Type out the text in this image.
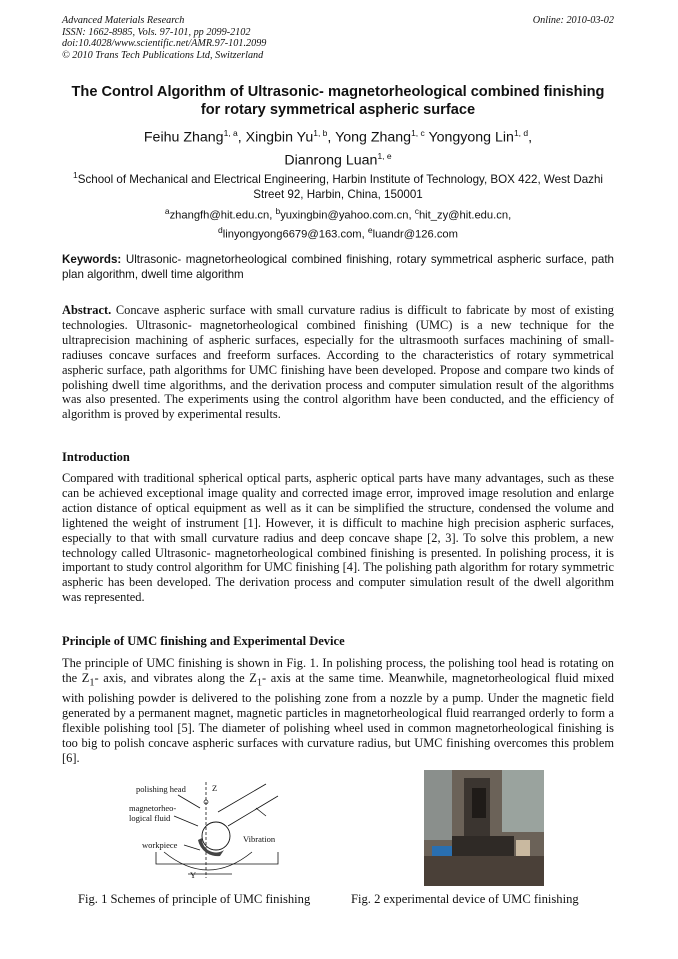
Advanced Materials Research
ISSN: 1662-8985, Vols. 97-101, pp 2099-2102
doi:10.4028/www.scientific.net/AMR.97-101.2099
© 2010 Trans Tech Publications Ltd, Switzerland
Online: 2010-03-02
The Control Algorithm of Ultrasonic- magnetorheological combined finishing for rotary symmetrical aspheric surface
Feihu Zhang$^{1, a}$, Xingbin Yu$^{1, b}$, Yong Zhang$^{1, c}$ Yongyong Lin$^{1, d}$,
Dianrong Luan$^{1, e}$
$^1$School of Mechanical and Electrical Engineering, Harbin Institute of Technology, BOX 422, West Dazhi Street 92, Harbin, China, 150001
$^a$zhangfh@hit.edu.cn, $^b$yuxingbin@yahoo.com.cn, $^c$hit_zy@hit.edu.cn,
$^d$linyongyong6679@163.com, $^e$luandr@126.com
Keywords: Ultrasonic- magnetorheological combined finishing, rotary symmetrical aspheric surface, path plan algorithm, dwell time algorithm
Abstract. Concave aspheric surface with small curvature radius is difficult to fabricate by most of existing technologies. Ultrasonic- magnetorheological combined finishing (UMC) is a new technique for the ultraprecision machining of aspheric surfaces, especially for the ultrasmooth surfaces machining of small-radiuses concave surfaces and freeform surfaces. According to the characteristics of rotary symmetrical aspheric surface, path algorithms for UMC finishing have been developed. Propose and compare two kinds of polishing dwell time algorithms, and the derivation process and computer simulation result of the algorithms was also presented. The experiments using the control algorithm have been conducted, and the efficiency of algorithm is proved by experimental results.
Introduction
Compared with traditional spherical optical parts, aspheric optical parts have many advantages, such as these can be achieved exceptional image quality and corrected image error, improved image resolution and enlarge action distance of optical equipment as well as it can be simplified the structure, condensed the volume and lightened the weight of instrument [1]. However, it is difficult to machine high precision aspheric surfaces, especially to that with small curvature radius and deep concave shape [2, 3]. To solve this problem, a new technology called Ultrasonic- magnetorheological combined finishing is presented. In polishing process, it is important to study control algorithm for UMC finishing [4]. The polishing path algorithm for rotary symmetric aspheric has been developed. The derivation process and computer simulation result of the dwell algorithm was represented.
Principle of UMC finishing and Experimental Device
The principle of UMC finishing is shown in Fig. 1. In polishing process, the polishing tool head is rotating on the $Z_1-$ axis, and vibrates along the $Z_1-$ axis at the same time. Meanwhile, magnetorheological fluid mixed with polishing powder is delivered to the polishing zone from a nozzle by a pump. Under the magnetic field generated by a permanent magnet, magnetic particles in magnetorheological fluid rearranged orderly to form a flexible polishing tool [5]. The diameter of polishing wheel used in common magnetorheological finishing is too big to polish concave aspheric surfaces with curvature radius, but UMC finishing overcomes this problem [6].
polishing head
magnetorheo-
logical fluid
workpiece
Vibration
Z
Y
Fig. 1 Schemes of principle of UMC finishing	Fig. 2 experimental device of UMC finishing
